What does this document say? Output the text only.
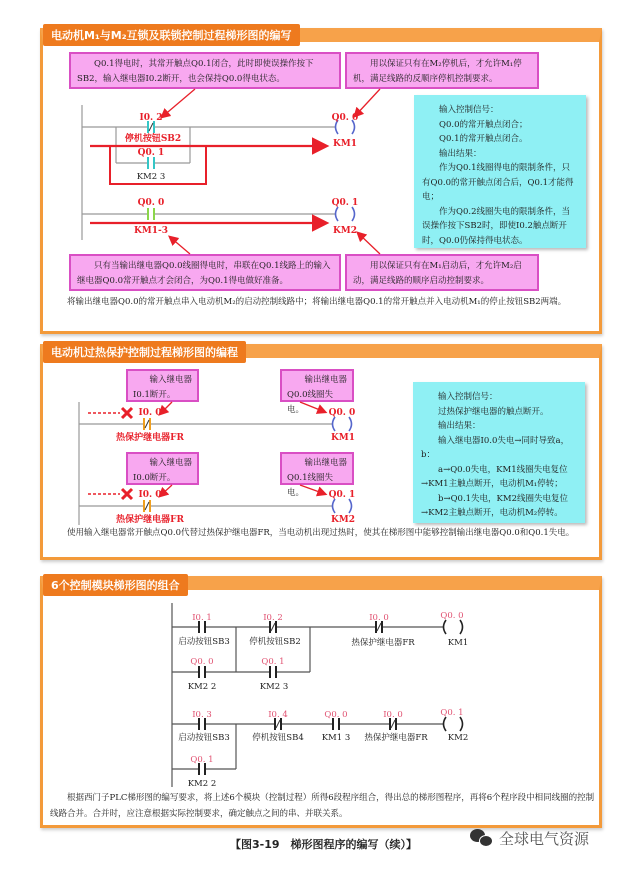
电动机M₁与M₂互锁及联锁控制过程梯形图的编写
电动机过热保护控制过程梯形图的编程
6个控制模块梯形图的组合
Q0.1得电时，其常开触点Q0.1闭合，此时即使误操作按下SB2，输入继电器I0.2断开，也会保持Q0.0得电状态。
用以保证只有在M₂停机后，才允许M₁停机，满足线路的反顺序停机控制要求。

输入控制信号：

Q0.0的常开触点闭合；

Q0.1的常开触点闭合。

输出结果：

作为Q0.1线圈得电的限制条件，只有Q0.0的常开触点闭合后，Q0.1才能得电；

作为Q0.2线圈失电的限制条件，当误操作按下SB2时，即使I0.2触点断开时，Q0.0仍保持得电状态。

只有当输出继电器Q0.0线圈得电时，串联在Q0.1线路上的输入继电器Q0.0常开触点才会闭合，为Q0.1得电做好准备。
用以保证只有在M₁启动后，才允许M₂启动，满足线路的顺序启动控制要求。
将输出继电器Q0.0的常开触点串入电动机M₂的启动控制线路中；将输出继电器Q0.1的常开触点并入电动机M₁的停止按钮SB2两端。
输入继电器
I0.1断开。
输出继电器
Q0.0线圈失电。
输入继电器
I0.0断开。
输出继电器
Q0.1线圈失电。

输入控制信号：

过热保护继电器的触点断开。

输出结果：

输入继电器I0.0失电→同时导致a，b：

a→Q0.0失电，KM1线圈失电复位→KM1主触点断开，电动机M₁停转；

b→Q0.1失电，KM2线圈失电复位→KM2主触点断开，电动机M₂停转。

使用输入继电器常开触点Q0.0代替过热保护继电器FR，当电动机出现过热时，使其在梯形图中能够控制输出继电器Q0.0和Q0.1失电。
根据西门子PLC梯形图的编写要求，将上述6个模块（控制过程）所得6段程序组合，得出总的梯形图程序，再将6个程序段中相同线圈的控制线路合并。合并时，应注意根据实际控制要求，确定触点之间的串、并联关系。
【图3-19　梯形图程序的编写（续）】	全球电气资源
I0. 2
停机按钮SB2
Q0. 1
Q0. 0
KM1
Q0. 0
KM1-3
Q0. 1
KM2
KM2 3
I0. 0
热保护继电器FR
Q0. 0
KM1
I0. 0
热保护继电器FR
Q0. 1
KM2
I0. 1	I0. 2	I0. 0	Q0. 0
Q0. 0	Q0. 1
I0. 3	I0. 4	Q0. 0	I0. 0	Q0. 1
Q0. 1
启动按钮SB3 停机按钮SB2	热保护继电器FR	KM1
KM2 2	KM2 3
启动按钮SB3	停机按钮SB4 KM1 3 热保护继电器FR KM2
KM2 2
